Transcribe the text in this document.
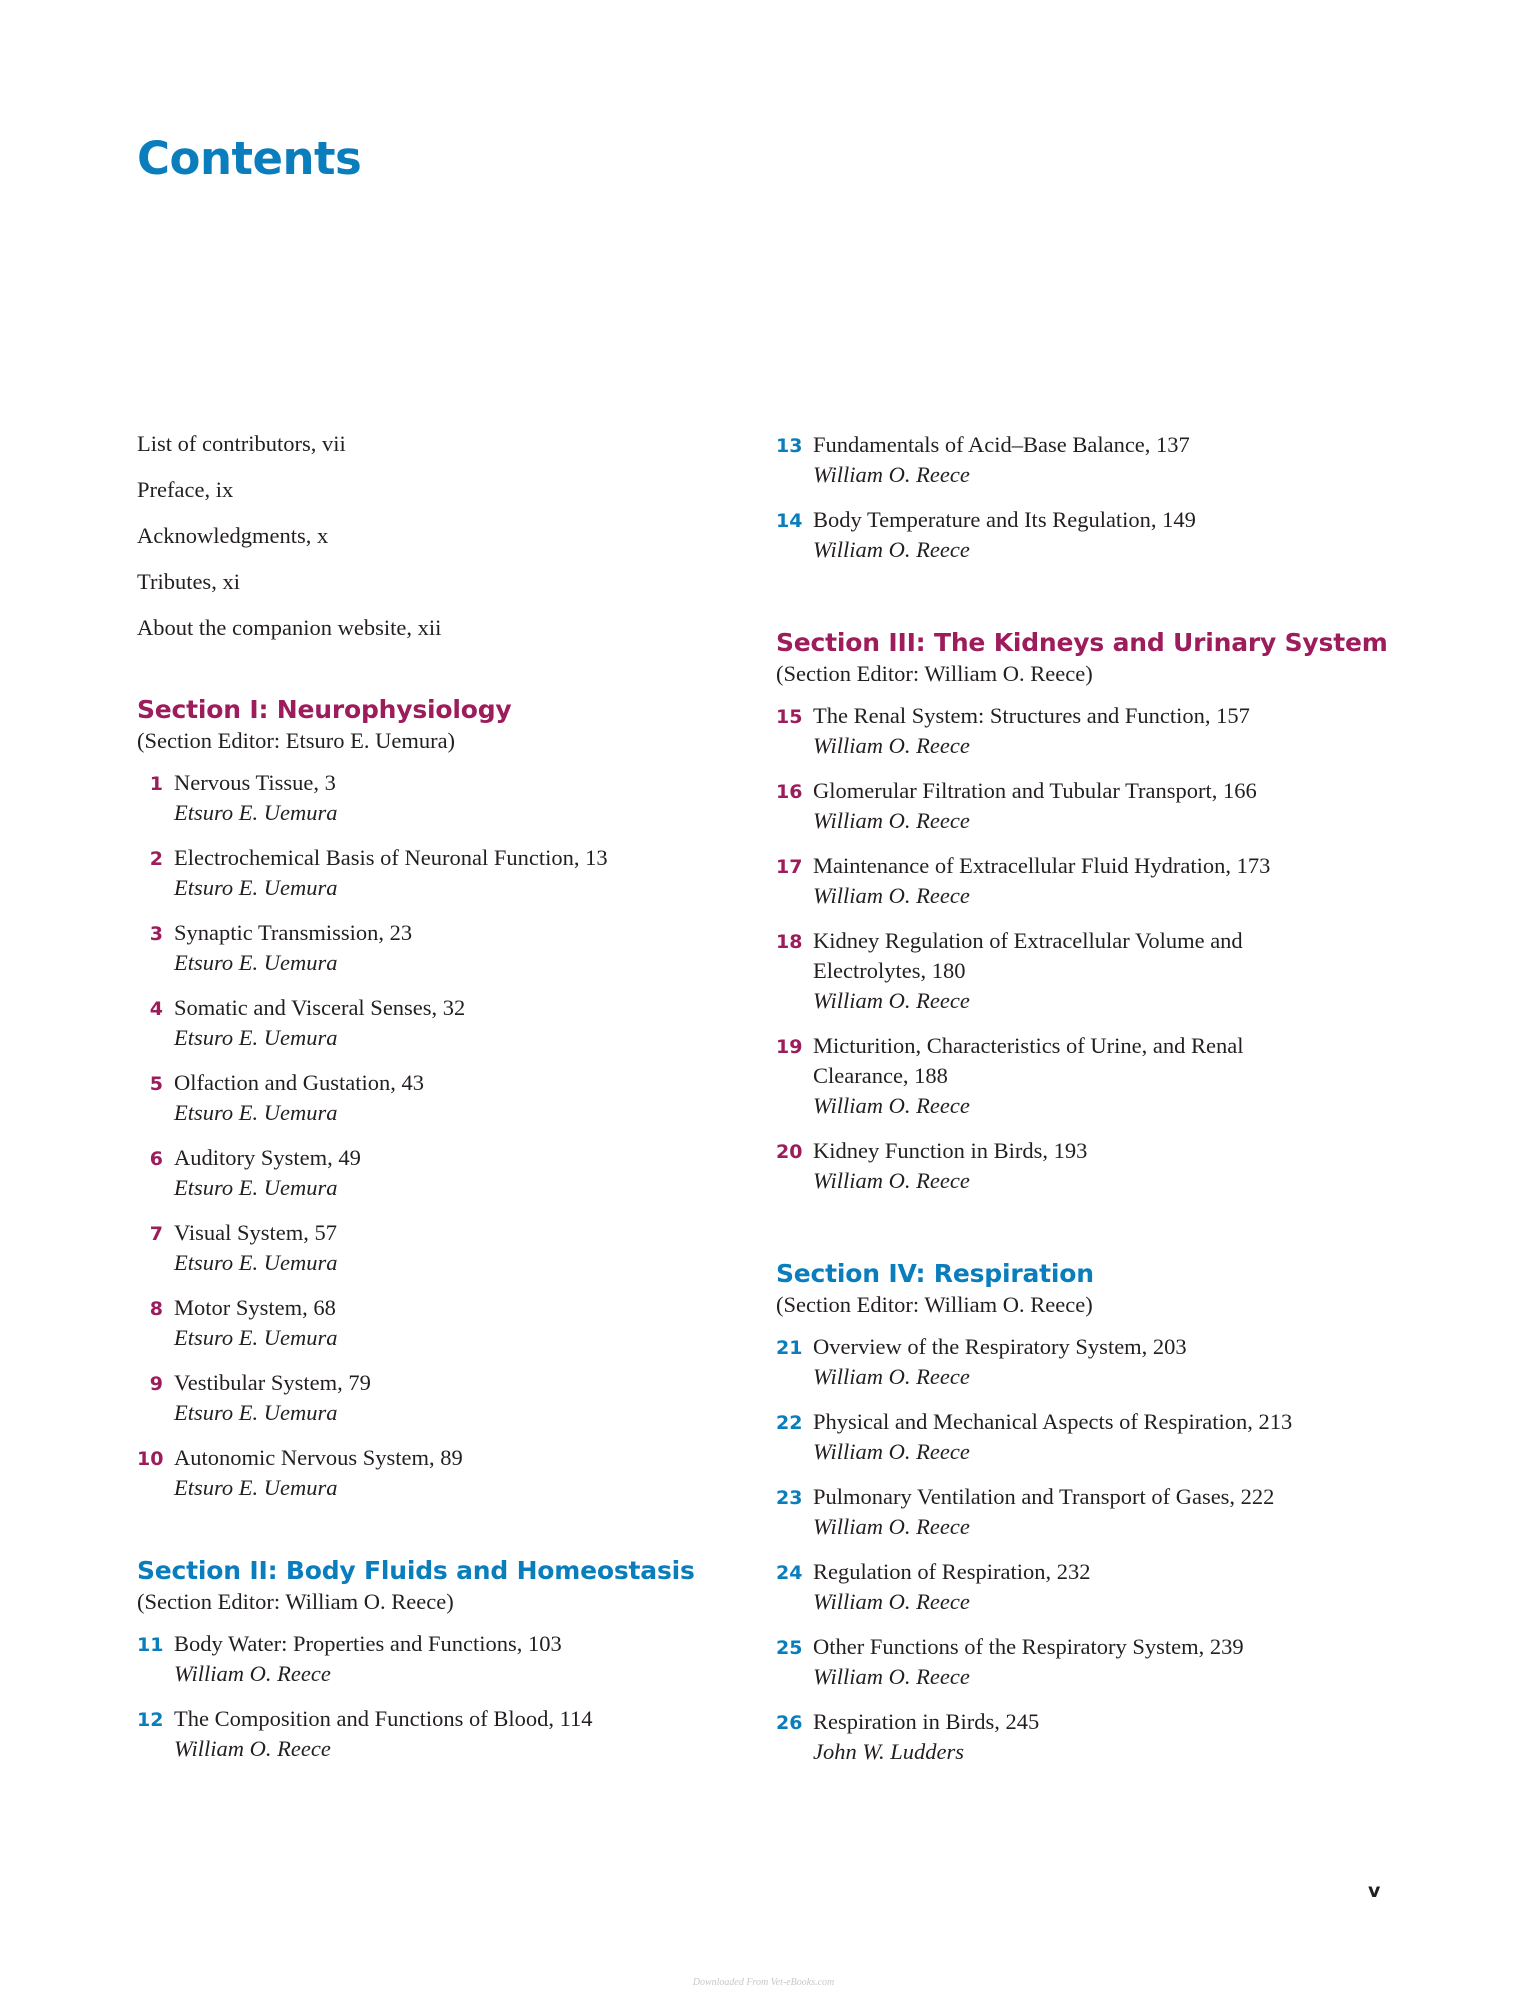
Contents

List of contributors, vii

Preface, ix

Acknowledgments, x

Tributes, xi

About the companion website, xii

Section I: Neurophysiology

(Section Editor: Etsuro E. Uemura)

1 Nervous Tissue, 3
Etsuro E. Uemura
2 Electrochemical Basis of Neuronal Function, 13
Etsuro E. Uemura
3 Synaptic Transmission, 23
Etsuro E. Uemura
4 Somatic and Visceral Senses, 32
Etsuro E. Uemura
5 Olfaction and Gustation, 43
Etsuro E. Uemura
6 Auditory System, 49
Etsuro E. Uemura
7 Visual System, 57
Etsuro E. Uemura
8 Motor System, 68
Etsuro E. Uemura
9 Vestibular System, 79
Etsuro E. Uemura
10 Autonomic Nervous System, 89
Etsuro E. Uemura
Section II: Body Fluids and Homeostasis

(Section Editor: William O. Reece)

11 Body Water: Properties and Functions, 103
William O. Reece
12 The Composition and Functions of Blood, 114
William O. Reece
13 Fundamentals of Acid–Base Balance, 137
William O. Reece
14 Body Temperature and Its Regulation, 149
William O. Reece
Section III: The Kidneys and Urinary System

(Section Editor: William O. Reece)

15 The Renal System: Structures and Function, 157
William O. Reece
16 Glomerular Filtration and Tubular Transport, 166
William O. Reece
17 Maintenance of Extracellular Fluid Hydration, 173
William O. Reece
18 Kidney Regulation of Extracellular Volume and Electrolytes, 180
William O. Reece
19 Micturition, Characteristics of Urine, and Renal Clearance, 188
William O. Reece
20 Kidney Function in Birds, 193
William O. Reece
Section IV: Respiration

(Section Editor: William O. Reece)

21 Overview of the Respiratory System, 203
William O. Reece
22 Physical and Mechanical Aspects of Respiration, 213
William O. Reece
23 Pulmonary Ventilation and Transport of Gases, 222
William O. Reece
24 Regulation of Respiration, 232
William O. Reece
25 Other Functions of the Respiratory System, 239
William O. Reece
26 Respiration in Birds, 245
John W. Ludders
v
Downloaded From Vet-eBooks.com
